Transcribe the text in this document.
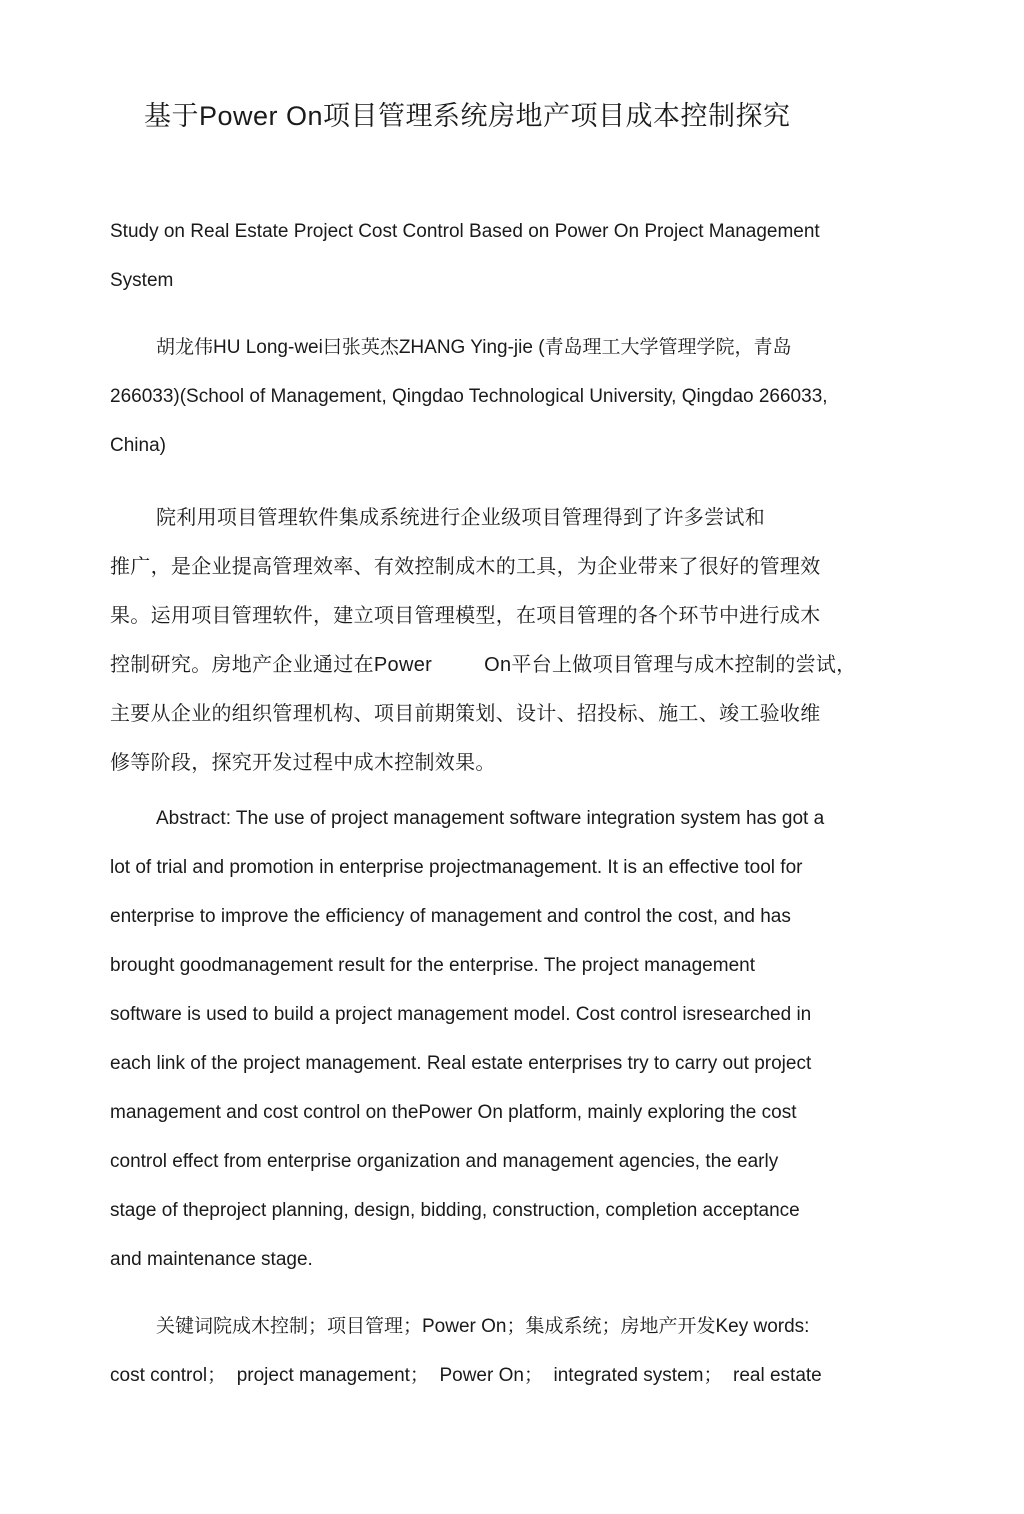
基于Power On项目管理系统房地产项目成本控制探究
Study on Real Estate Project Cost Control Based on Power On Project Management
System
胡龙伟HU Long-wei曰张英杰ZHANG Ying-jie (青岛理工大学管理学院，青岛
266033)(School of Management, Qingdao Technological University, Qingdao 266033,
China)
院利用项目管理软件集成系统进行企业级项目管理得到了许多尝试和
推广，是企业提高管理效率、有效控制成木的工具，为企业带来了很好的管理效
果。运用项目管理软件，建立项目管理模型，在项目管理的各个环节中进行成木
控制研究。房地产企业通过在Power	On平台上做项目管理与成木控制的尝试，
主要从企业的组织管理机构、项目前期策划、设计、招投标、施工、竣工验收维
修等阶段，探究开发过程中成木控制效果。
Abstract: The use of project management software integration system has got a
lot of trial and promotion in enterprise projectmanagement. It is an effective tool for
enterprise to improve the efficiency of management and control the cost, and has
brought goodmanagement result for the enterprise. The project management
software is used to build a project management model. Cost control isresearched in
each link of the project management. Real estate enterprises try to carry out project
management and cost control on thePower On platform, mainly exploring the cost
control effect from enterprise organization and management agencies, the early
stage of theproject planning, design, bidding, construction, completion acceptance
and maintenance stage.
关键词院成木控制；项目管理；Power On；集成系统；房地产开发Key words:
cost control；  project management；  Power On；  integrated system；  real estate
